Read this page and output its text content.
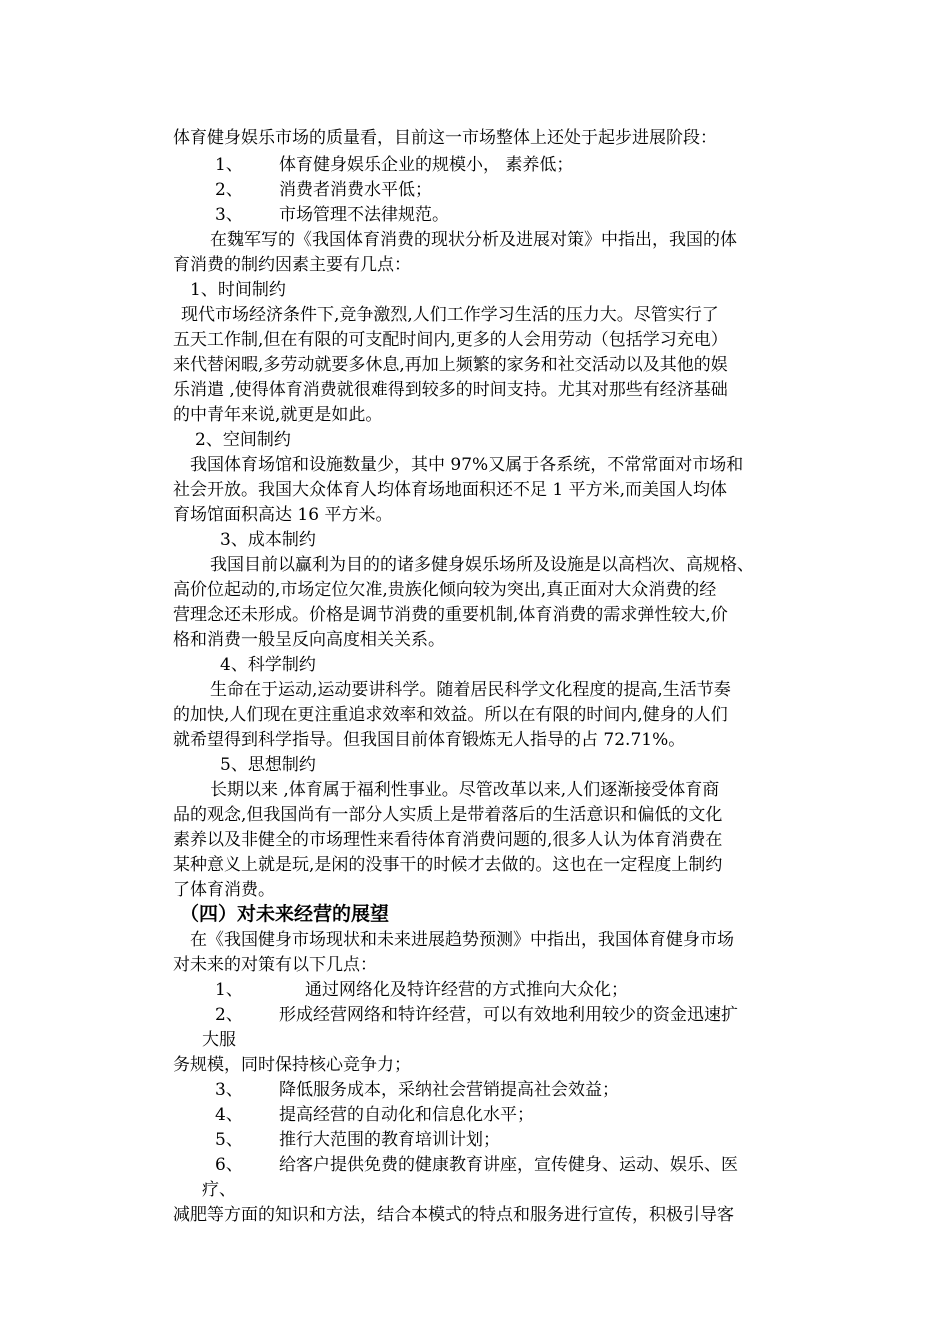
体育健身娱乐市场的质量看，目前这一市场整体上还处于起步进展阶段：
1、 体育健身娱乐企业的规模小， 素养低；
2、 消费者消费水平低；
3、 市场管理不法律规范。
在魏军写的《我国体育消费的现状分析及进展对策》中指出，我国的体
育消费的制约因素主要有几点：
1、时间制约
现代市场经济条件下,竞争激烈,人们工作学习生活的压力大。尽管实行了
五天工作制,但在有限的可支配时间内,更多的人会用劳动（包括学习充电）
来代替闲暇,多劳动就要多休息,再加上频繁的家务和社交活动以及其他的娱
乐消遣 ,使得体育消费就很难得到较多的时间支持。尤其对那些有经济基础
的中青年来说,就更是如此。
2、空间制约
我国体育场馆和设施数量少，其中 97%又属于各系统，不常常面对市场和
社会开放。我国大众体育人均体育场地面积还不足 1 平方米,而美国人均体
育场馆面积高达 16 平方米。
3、成本制约
我国目前以赢利为目的的诸多健身娱乐场所及设施是以高档次、高规格、
高价位起动的,市场定位欠准,贵族化倾向较为突出,真正面对大众消费的经
营理念还未形成。价格是调节消费的重要机制,体育消费的需求弹性较大,价
格和消费一般呈反向高度相关关系。
4、科学制约
生命在于运动,运动要讲科学。随着居民科学文化程度的提高,生活节奏
的加快,人们现在更注重追求效率和效益。所以在有限的时间内,健身的人们
就希望得到科学指导。但我国目前体育锻炼无人指导的占 72.71%。
5、思想制约
长期以来 ,体育属于福利性事业。尽管改革以来,人们逐渐接受体育商
品的观念,但我国尚有一部分人实质上是带着落后的生活意识和偏低的文化
素养以及非健全的市场理性来看待体育消费问题的,很多人认为体育消费在
某种意义上就是玩,是闲的没事干的时候才去做的。这也在一定程度上制约
了体育消费。
（四）对未来经营的展望
在《我国健身市场现状和未来进展趋势预测》中指出，我国体育健身市场
对未来的对策有以下几点：
1、	通过网络化及特许经营的方式推向大众化；
2、 形成经营网络和特许经营，可以有效地利用较少的资金迅速扩
大服
务规模，同时保持核心竞争力；
3、 降低服务成本，采纳社会营销提高社会效益；
4、 提高经营的自动化和信息化水平；
5、 推行大范围的教育培训计划；
6、 给客户提供免费的健康教育讲座，宣传健身、运动、娱乐、医
疗、
减肥等方面的知识和方法，结合本模式的特点和服务进行宣传，积极引导客
